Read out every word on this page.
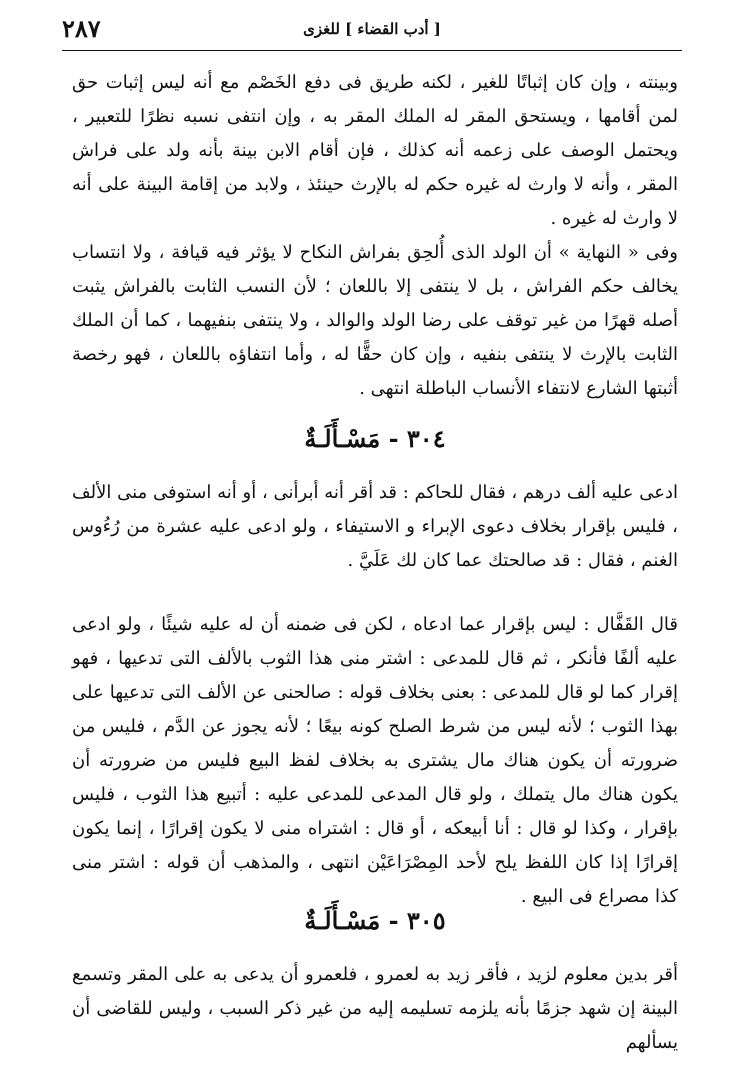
٢٨٧	[ أدب القضاء ] للغزى

وبينته ، وإن كان إثباتًا للغير ، لكنه طريق فى دفع الخَصْم مع أنه ليس إثبات حق لمن أقامها ، ويستحق المقر له الملك المقر به ، وإن انتفى نسبه نظرًا للتعبير ، ويحتمل الوصف على زعمه أنه كذلك ، فإن أقام الابن بينة بأنه ولد على فراش المقر ، وأنه لا وارث له غيره حكم له بالإرث حينئذ ، ولابد من إقامة البينة على أنه لا وارث له غيره .

وفى « النهاية » أن الولد الذى أُلحِق بفراش النكاح لا يؤثر فيه قيافة ، ولا انتساب يخالف حكم الفراش ، بل لا ينتفى إلا باللعان ؛ لأن النسب الثابت بالفراش يثبت أصله قهرًا من غير توقف على رضا الولد والوالد ، ولا ينتفى بنفيهما ، كما أن الملك الثابت بالإرث لا ينتفى بنفيه ، وإن كان حقًّا له ، وأما انتفاؤه باللعان ، فهو رخصة أثبتها الشارع لانتفاء الأنساب الباطلة انتهى .

٣٠٤ - مَسْـأَلَـةٌ

ادعى عليه ألف درهم ، فقال للحاكم : قد أقر أنه أبرأنى ، أو أنه استوفى منى الألف ، فليس بإقرار بخلاف دعوى الإبراء و الاستيفاء ، ولو ادعى عليه عشرة من رُءُوس الغنم ، فقال : قد صالحتك عما كان لك عَلَيَّ .

قال القَفَّال : ليس بإقرار عما ادعاه ، لكن فى ضمنه أن له عليه شيئًا ، ولو ادعى عليه ألفًا فأنكر ، ثم قال للمدعى : اشتر منى هذا الثوب بالألف التى تدعيها ، فهو إقرار كما لو قال للمدعى : بعنى بخلاف قوله : صالحنى عن الألف التى تدعيها على بهذا الثوب ؛ لأنه ليس من شرط الصلح كونه بيعًا ؛ لأنه يجوز عن الدَّم ، فليس من ضرورته أن يكون هناك مال يشترى به بخلاف لفظ البيع فليس من ضرورته أن يكون هناك مال يتملك ، ولو قال المدعى للمدعى عليه : أتبيع هذا الثوب ، فليس بإقرار ، وكذا لو قال : أنا أبيعكه ، أو قال : اشتراه منى لا يكون إقرارًا ، إنما يكون إقرارًا إذا كان اللفظ يلح لأحد المِصْرَاعَيْن انتهى ، والمذهب أن قوله : اشتر منى كذا مصراع فى البيع .

٣٠٥ - مَسْـأَلَـةٌ

أقر بدين معلوم لزيد ، فأقر زيد به لعمرو ، فلعمرو أن يدعى به على المقر وتسمع البينة إن شهد جزمًا بأنه يلزمه تسليمه إليه من غير ذكر السبب ، وليس للقاضى أن يسألهم
